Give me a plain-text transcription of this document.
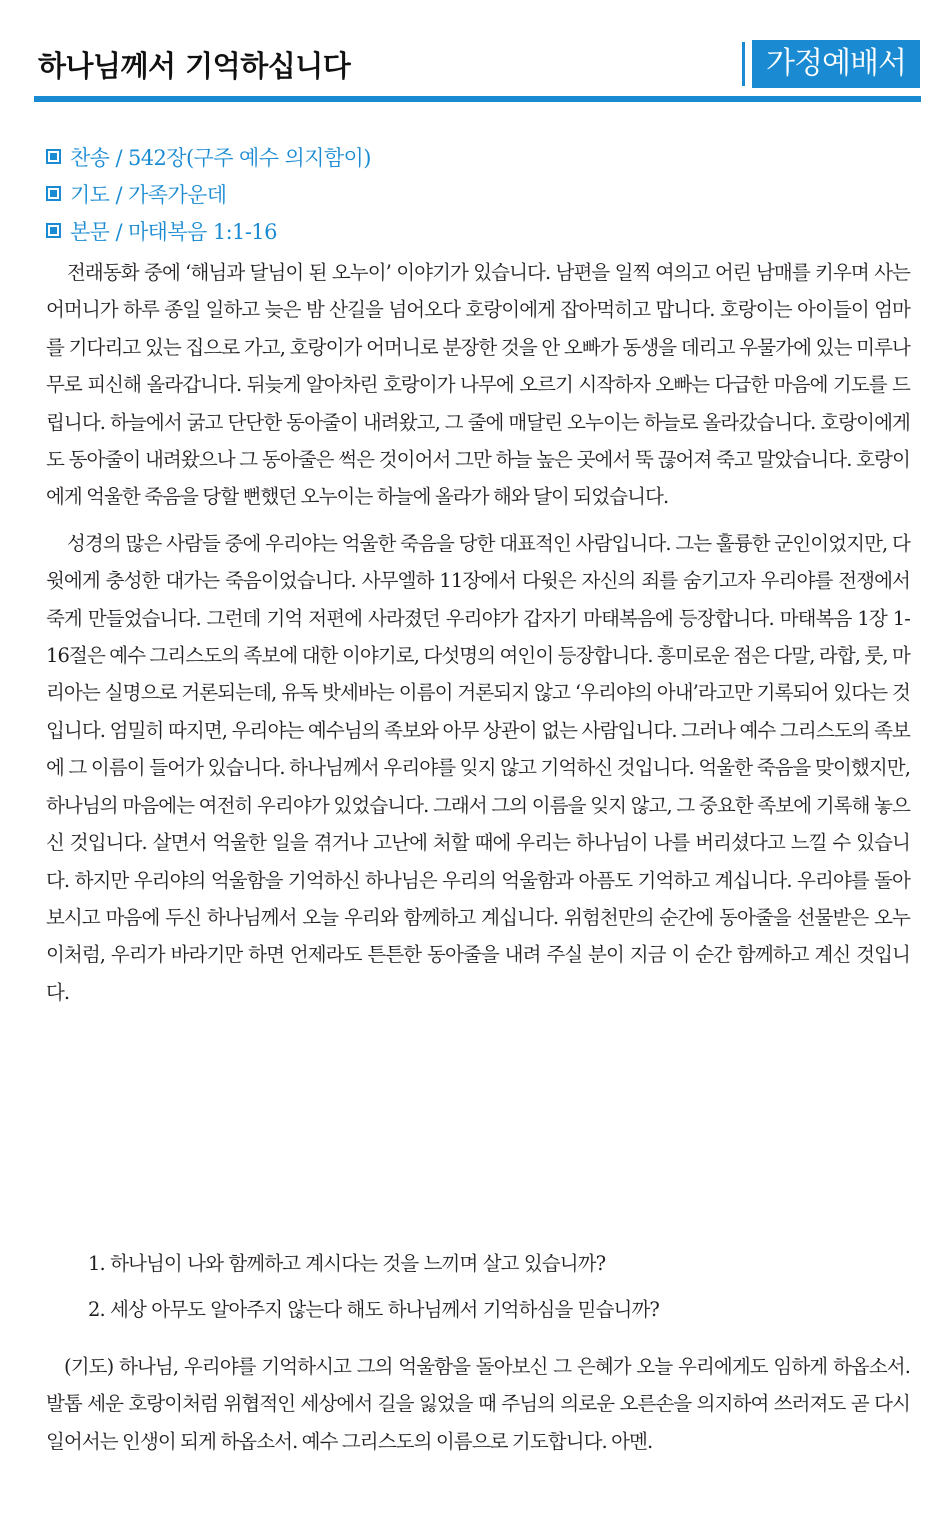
하나님께서 기억하십니다	가정예배서
찬송 / 542장(구주 예수 의지함이)
기도 / 가족가운데
본문 / 마태복음 1:1-16

전래동화 중에 ‘해님과 달님이 된 오누이’ 이야기가 있습니다. 남편을 일찍 여의고 어린 남매를 키우며 사는 어머니가 하루 종일 일하고 늦은 밤 산길을 넘어오다 호랑이에게 잡아먹히고 맙니다. 호랑이는 아이들이 엄마를 기다리고 있는 집으로 가고, 호랑이가 어머니로 분장한 것을 안 오빠가 동생을 데리고 우물가에 있는 미루나무로 피신해 올라갑니다. 뒤늦게 알아차린 호랑이가 나무에 오르기 시작하자 오빠는 다급한 마음에 기도를 드립니다. 하늘에서 굵고 단단한 동아줄이 내려왔고, 그 줄에 매달린 오누이는 하늘로 올라갔습니다. 호랑이에게도 동아줄이 내려왔으나 그 동아줄은 썩은 것이어서 그만 하늘 높은 곳에서 뚝 끊어져 죽고 말았습니다. 호랑이에게 억울한 죽음을 당할 뻔했던 오누이는 하늘에 올라가 해와 달이 되었습니다.

성경의 많은 사람들 중에 우리야는 억울한 죽음을 당한 대표적인 사람입니다. 그는 훌륭한 군인이었지만, 다윗에게 충성한 대가는 죽음이었습니다. 사무엘하 11장에서 다윗은 자신의 죄를 숨기고자 우리야를 전쟁에서 죽게 만들었습니다. 그런데 기억 저편에 사라졌던 우리야가 갑자기 마태복음에 등장합니다. 마태복음 1장 1-16절은 예수 그리스도의 족보에 대한 이야기로, 다섯명의 여인이 등장합니다. 흥미로운 점은 다말, 라합, 룻, 마리아는 실명으로 거론되는데, 유독 밧세바는 이름이 거론되지 않고 ‘우리야의 아내’라고만 기록되어 있다는 것입니다. 엄밀히 따지면, 우리야는 예수님의 족보와 아무 상관이 없는 사람입니다. 그러나 예수 그리스도의 족보에 그 이름이 들어가 있습니다. 하나님께서 우리야를 잊지 않고 기억하신 것입니다. 억울한 죽음을 맞이했지만, 하나님의 마음에는 여전히 우리야가 있었습니다. 그래서 그의 이름을 잊지 않고, 그 중요한 족보에 기록해 놓으신 것입니다. 살면서 억울한 일을 겪거나 고난에 처할 때에 우리는 하나님이 나를 버리셨다고 느낄 수 있습니다. 하지만 우리야의 억울함을 기억하신 하나님은 우리의 억울함과 아픔도 기억하고 계십니다. 우리야를 돌아보시고 마음에 두신 하나님께서 오늘 우리와 함께하고 계십니다. 위험천만의 순간에 동아줄을 선물받은 오누이처럼, 우리가 바라기만 하면 언제라도 튼튼한 동아줄을 내려 주실 분이 지금 이 순간 함께하고 계신 것입니다.

1. 하나님이 나와 함께하고 계시다는 것을 느끼며 살고 있습니까?
2. 세상 아무도 알아주지 않는다 해도 하나님께서 기억하심을 믿습니까?

(기도) 하나님, 우리야를 기억하시고 그의 억울함을 돌아보신 그 은혜가 오늘 우리에게도 임하게 하옵소서. 발톱 세운 호랑이처럼 위협적인 세상에서 길을 잃었을 때 주님의 의로운 오른손을 의지하여 쓰러져도 곧 다시 일어서는 인생이 되게 하옵소서. 예수 그리스도의 이름으로 기도합니다. 아멘.
